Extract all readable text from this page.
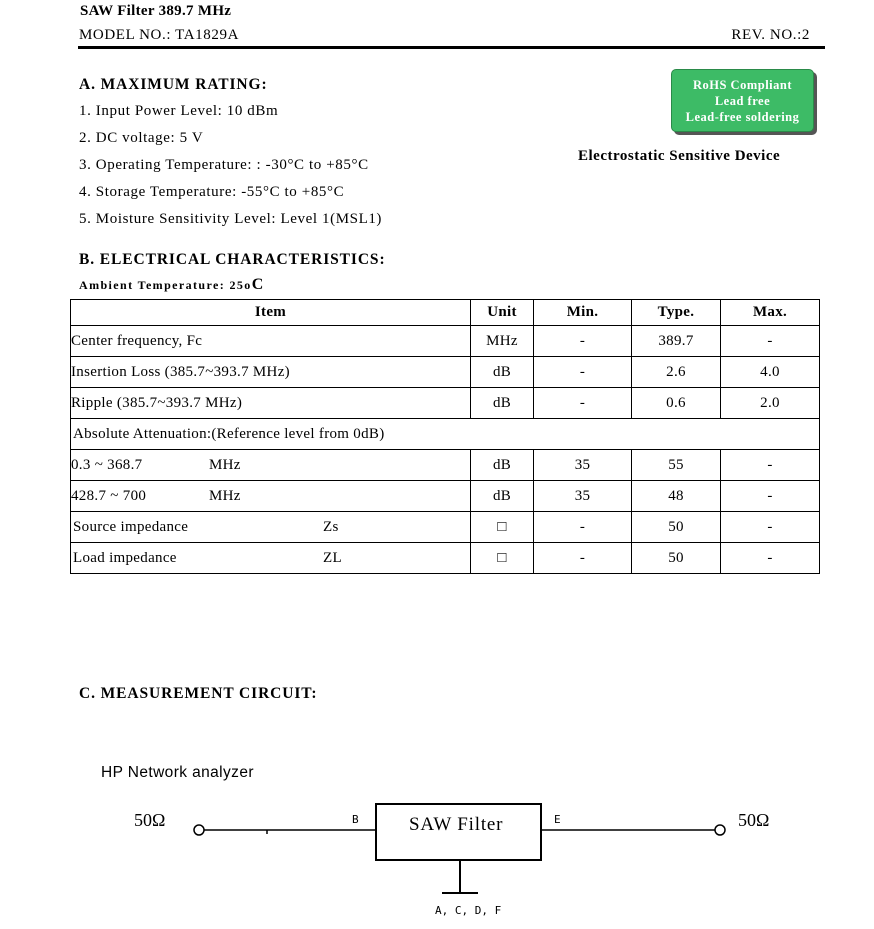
SAW Filter 389.7 MHz
MODEL NO.: TA1829A	REV. NO.:2
A. MAXIMUM RATING:
1. Input Power Level: 10 dBm
2. DC voltage: 5 V
3. Operating Temperature: : -30°C to +85°C
4. Storage Temperature: -55°C to +85°C
5. Moisture Sensitivity Level: Level 1(MSL1)
RoHS Compliant
Lead free
Lead-free soldering
Electrostatic Sensitive Device
B. ELECTRICAL CHARACTERISTICS:
Ambient Temperature: 25oC
Item	Unit	Min.	Type.	Max.
Center frequency, Fc	MHz	-	389.7	-
Insertion Loss (385.7~393.7 MHz)	dB	-	2.6	4.0
Ripple (385.7~393.7 MHz)	dB	-	0.6	2.0
Absolute Attenuation:(Reference level from 0dB)				
0.3 ~ 368.7 MHz	dB	35	55	-
428.7 ~ 700 MHz	dB	35	48	-
Source impedance Zs	□	-	50	-
Load impedance ZL	□	-	50	-
C. MEASUREMENT CIRCUIT:
HP Network analyzer
SAW Filter
50Ω	50Ω
B	E
A, C, D, F
